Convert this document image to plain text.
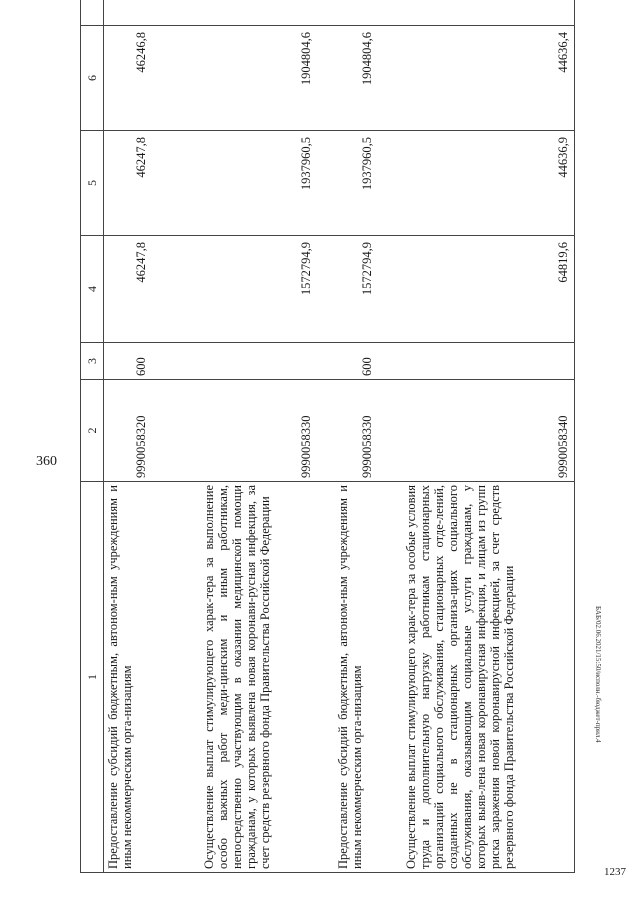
360
БАБ/02.06.2021/15:50/исполн.-бюджет-прил.4
1237
1	2	3	4	5	6		
Предоставление субсидий бюджетным, автоном-ным учреждениям и иным некоммерческим орга-низациям	9990058320	600	46247,8	46247,8	46246,8		
Осуществление выплат стимулирующего харак-тера за выполнение особо важных работ меди-цинским и иным работникам, непосредственно участвующим в оказании медицинской помощи гражданам, у которых выявлена новая коронави-русная инфекция, за счет средств резервного фонда Правительства Российской Федерации	9990058330		1572794,9	1937960,5	1904804,6		
Предоставление субсидий бюджетным, автоном-ным учреждениям и иным некоммерческим орга-низациям	9990058330	600	1572794,9	1937960,5	1904804,6		
Осуществление выплат стимулирующего харак-тера за особые условия труда и дополнительную нагрузку работникам стационарных организаций социального обслуживания, стационарных отде-лений, созданных не в стационарных организа-циях социального обслуживания, оказывающим социальные услуги гражданам, у которых выяв-лена новая коронавирусная инфекция, и лицам из групп риска заражения новой коронавирусной инфекцией, за счет средств резервного фонда Правительства Российской Федерации	9990058340		64819,6	44636,9	44636,4		
